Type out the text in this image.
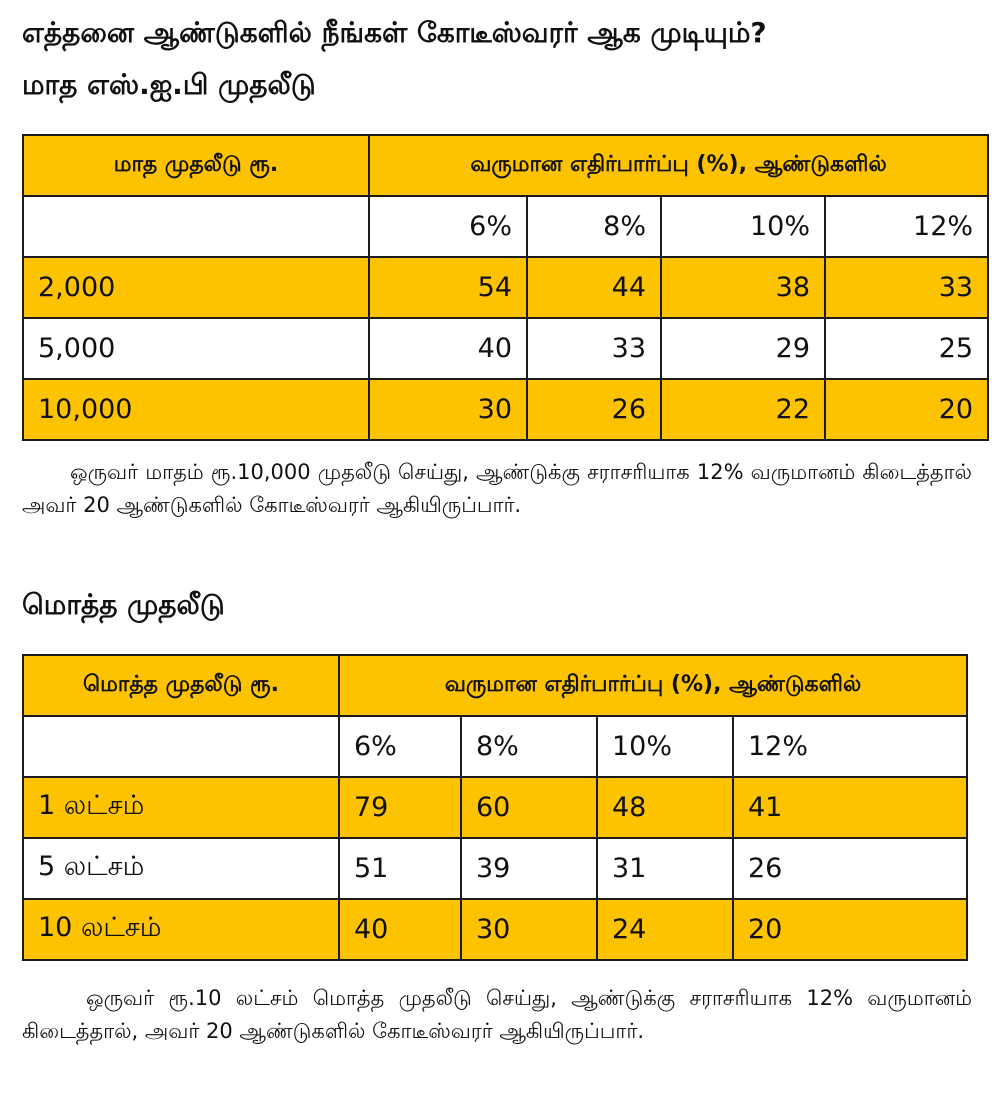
எத்தனை ஆண்டுகளில் நீங்கள் கோடீஸ்வரர் ஆக முடியும்?
மாத எஸ்.ஐ.பி முதலீடு
மாத முதலீடு ரூ.	வருமான எதிர்பார்ப்பு (%), ஆண்டுகளில்			
	6%	8%	10%	12%
2,000	54	44	38	33
5,000	40	33	29	25
10,000	30	26	22	20

ஒருவர் மாதம் ரூ.10,000 முதலீடு செய்து, ஆண்டுக்கு சராசரியாக 12% வருமானம் கிடைத்தால் அவர் 20 ஆண்டுகளில் கோடீஸ்வரர் ஆகியிருப்பார்.

மொத்த முதலீடு
மொத்த முதலீடு ரூ.	வருமான எதிர்பார்ப்பு (%), ஆண்டுகளில்			
	6%	8%	10%	12%
1 லட்சம்	79	60	48	41
5 லட்சம்	51	39	31	26
10 லட்சம்	40	30	24	20

ஒருவர் ரூ.10 லட்சம் மொத்த முதலீடு செய்து, ஆண்டுக்கு சராசரியாக 12% வருமானம் கிடைத்தால், அவர் 20 ஆண்டுகளில் கோடீஸ்வரர் ஆகியிருப்பார்.
